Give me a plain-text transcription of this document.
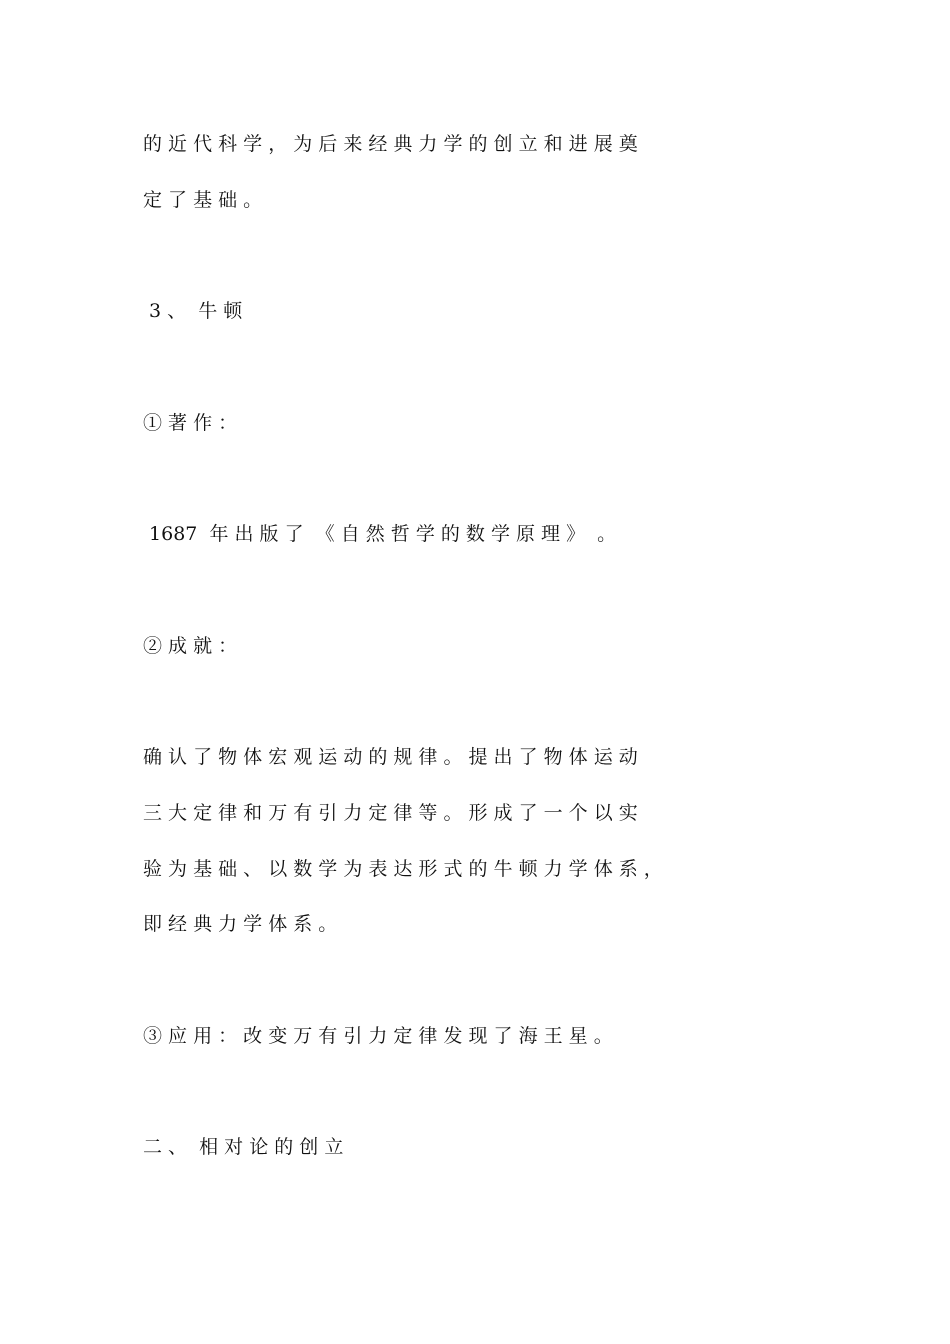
的 近 代 科 学 ， 为 后 来 经 典 力 学 的 创 立 和 进 展 奠
定 了 基 础 。
3 、  牛 顿
① 著 作 ：
1687  年 出 版 了  《 自 然 哲 学 的 数 学 原 理 》  。
② 成 就 ：
确 认 了 物 体 宏 观 运 动 的 规 律 。 提 出 了 物 体 运 动
三 大 定 律 和 万 有 引 力 定 律 等 。 形 成 了 一 个 以 实
验 为 基 础 、 以 数 学 为 表 达 形 式 的 牛 顿 力 学 体 系 ，
即 经 典 力 学 体 系 。
③ 应 用 ： 改 变 万 有 引 力 定 律 发 现 了 海 王 星 。
二 、  相 对 论 的 创 立
